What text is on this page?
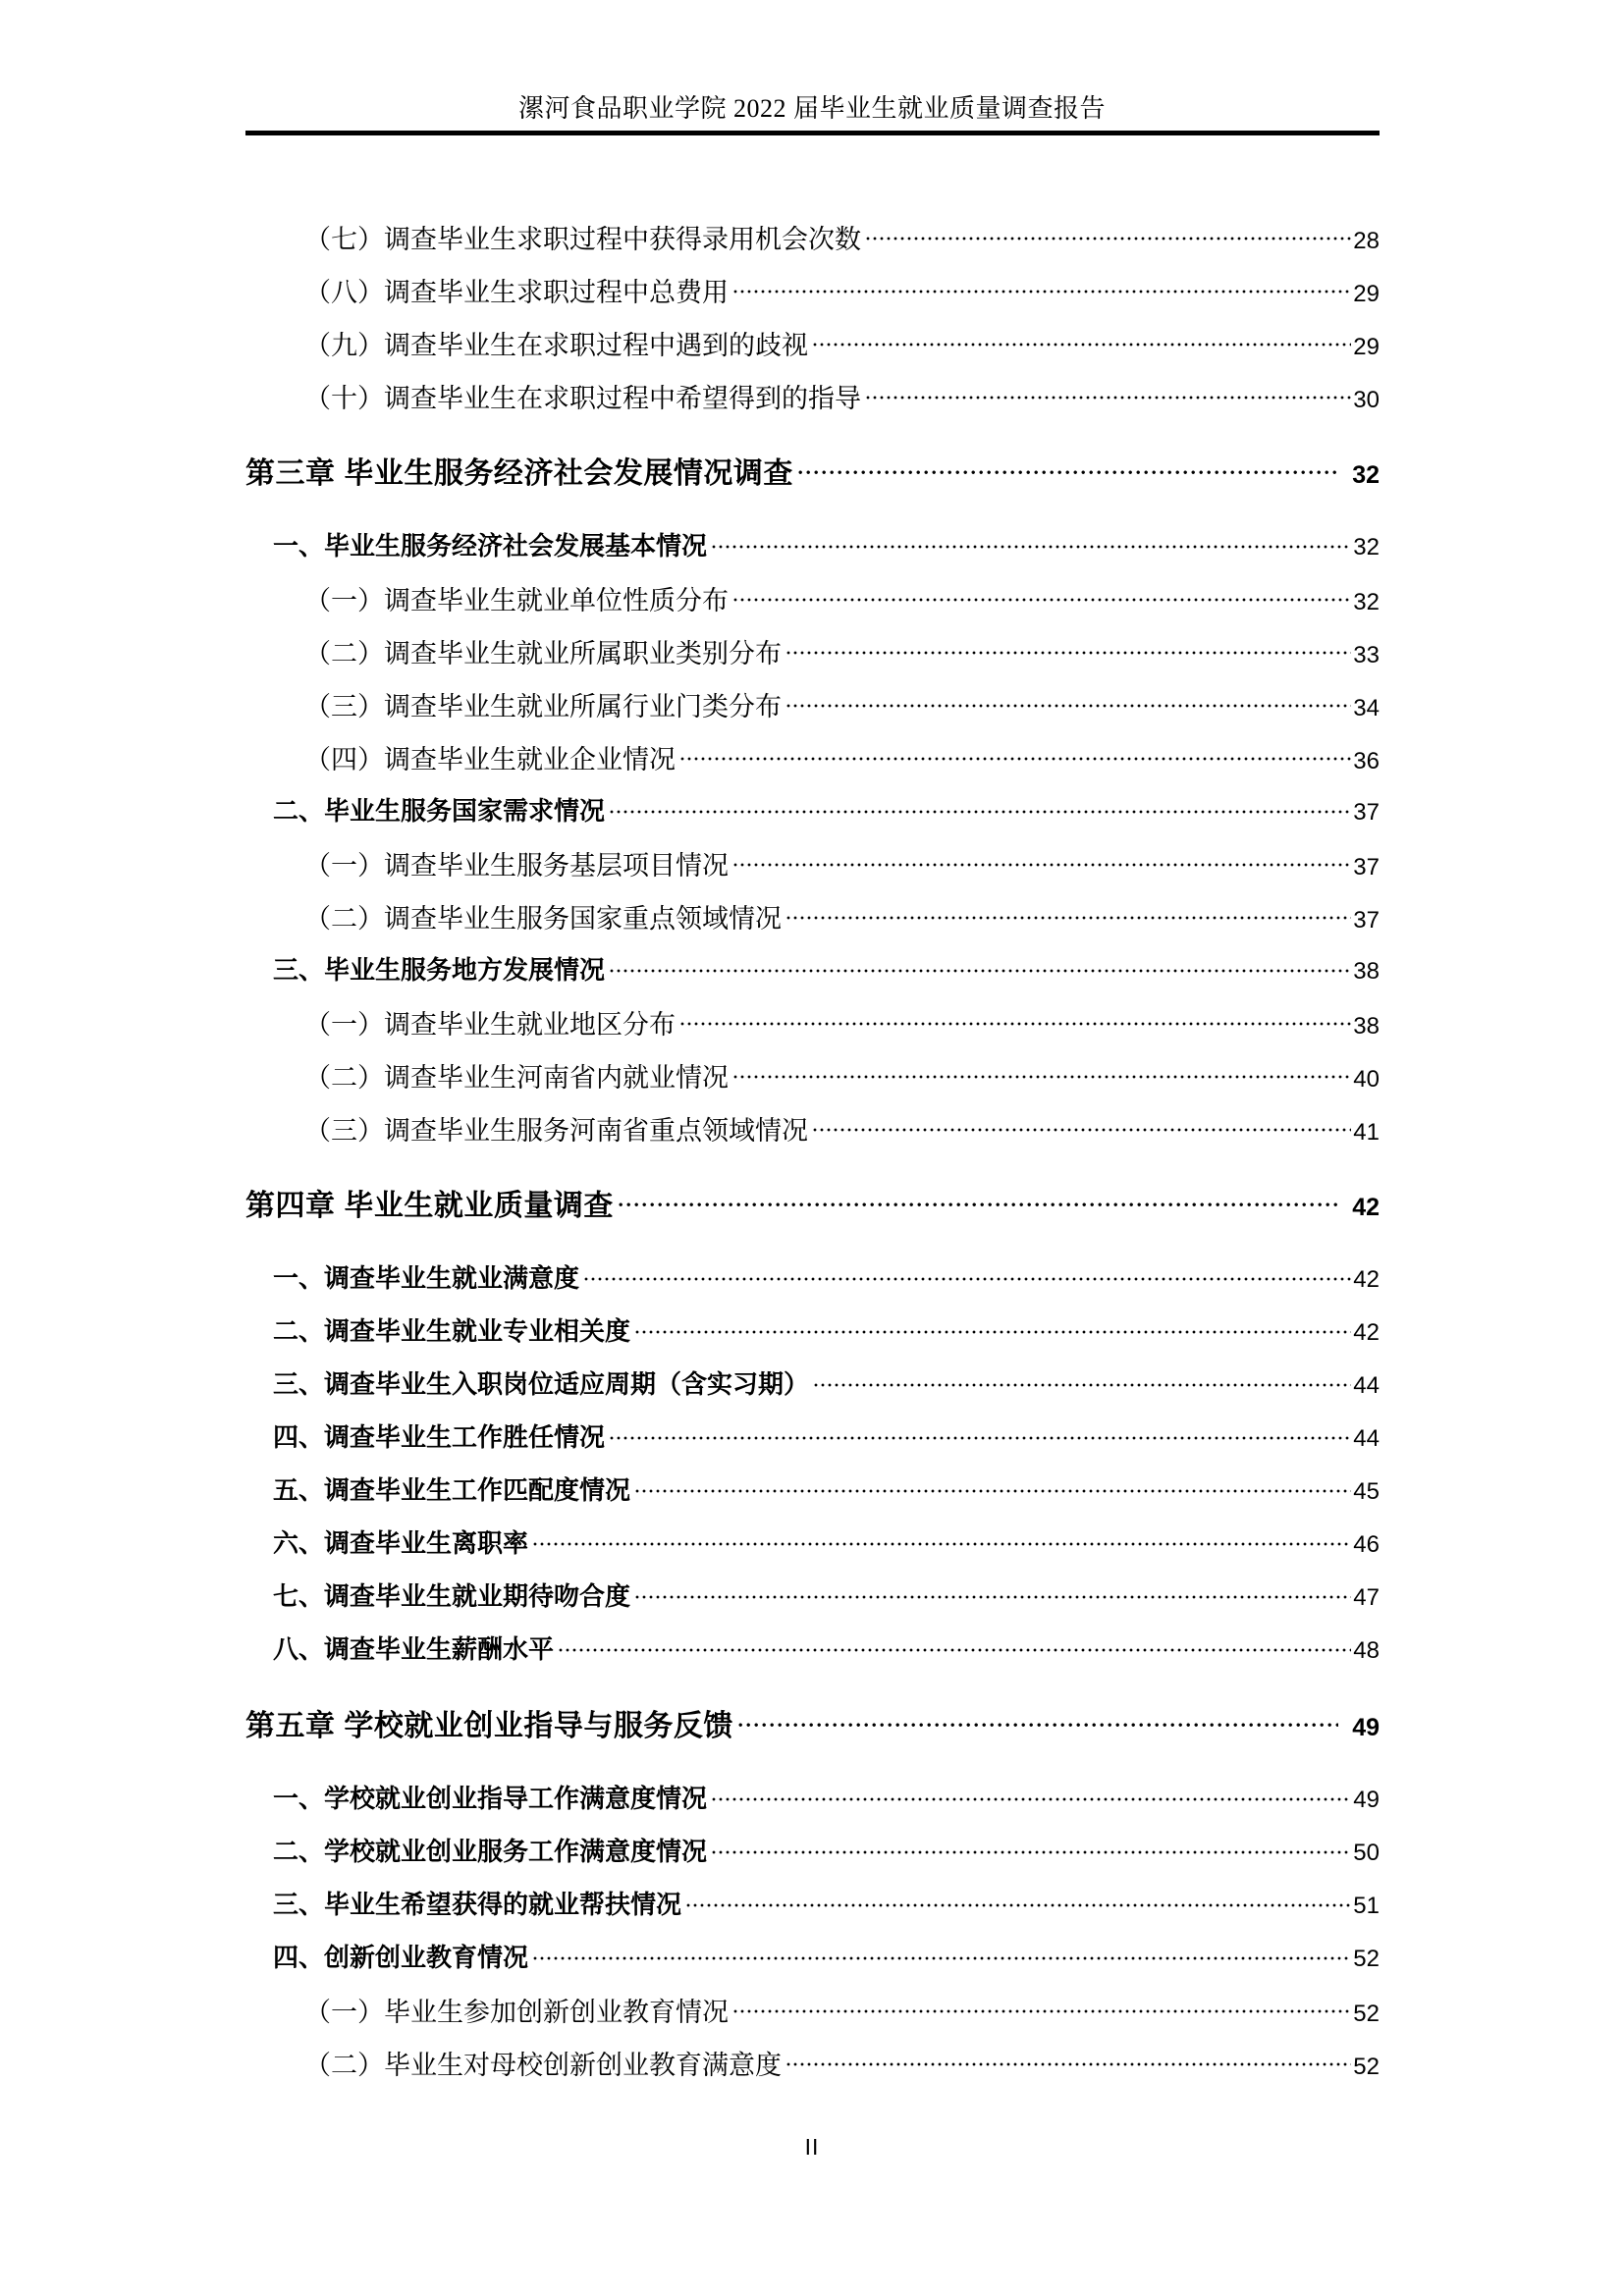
漯河食品职业学院 2022 届毕业生就业质量调查报告
（七）调查毕业生求职过程中获得录用机会次数	28
（八）调查毕业生求职过程中总费用	29
（九）调查毕业生在求职过程中遇到的歧视	29
（十）调查毕业生在求职过程中希望得到的指导	30
第三章 毕业生服务经济社会发展情况调查	32
一、毕业生服务经济社会发展基本情况	32
（一）调查毕业生就业单位性质分布	32
（二）调查毕业生就业所属职业类别分布	33
（三）调查毕业生就业所属行业门类分布	34
（四）调查毕业生就业企业情况	36
二、毕业生服务国家需求情况	37
（一）调查毕业生服务基层项目情况	37
（二）调查毕业生服务国家重点领域情况	37
三、毕业生服务地方发展情况	38
（一）调查毕业生就业地区分布	38
（二）调查毕业生河南省内就业情况	40
（三）调查毕业生服务河南省重点领域情况	41
第四章 毕业生就业质量调查	42
一、调查毕业生就业满意度	42
二、调查毕业生就业专业相关度	42
三、调查毕业生入职岗位适应周期（含实习期）	44
四、调查毕业生工作胜任情况	44
五、调查毕业生工作匹配度情况	45
六、调查毕业生离职率	46
七、调查毕业生就业期待吻合度	47
八、调查毕业生薪酬水平	48
第五章 学校就业创业指导与服务反馈	49
一、学校就业创业指导工作满意度情况	49
二、学校就业创业服务工作满意度情况	50
三、毕业生希望获得的就业帮扶情况	51
四、创新创业教育情况	52
（一）毕业生参加创新创业教育情况	52
（二）毕业生对母校创新创业教育满意度	52
II
